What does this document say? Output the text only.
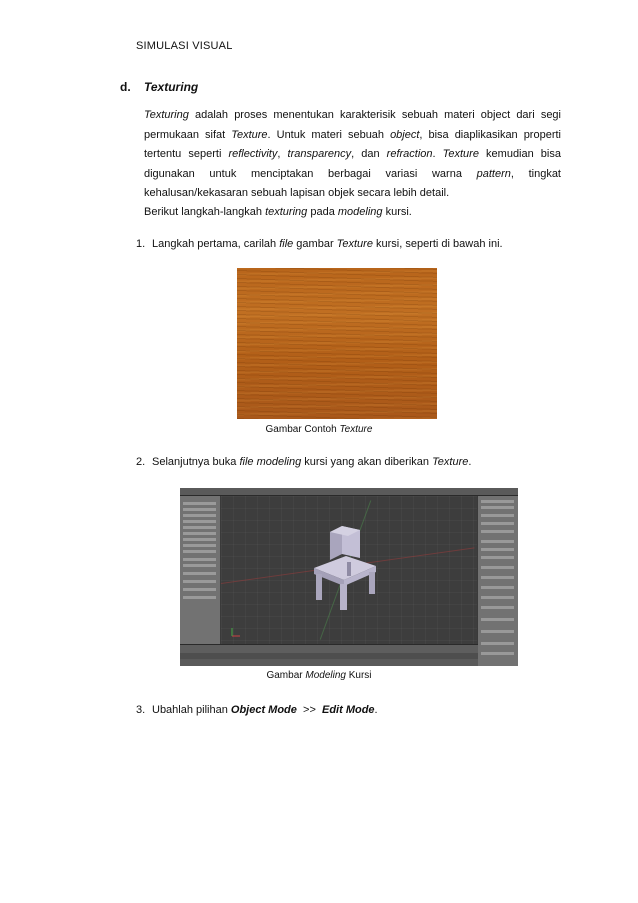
SIMULASI VISUAL
d. Texturing
Texturing adalah proses menentukan karakterisik sebuah materi object dari segi permukaan sifat Texture. Untuk materi sebuah object, bisa diaplikasikan properti tertentu seperti reflectivity, transparency, dan refraction. Texture kemudian bisa digunakan untuk menciptakan berbagai variasi warna pattern, tingkat kehalusan/kekasaran sebuah lapisan objek secara lebih detail.
Berikut langkah-langkah texturing pada modeling kursi.
1. Langkah pertama, carilah file gambar Texture kursi, seperti di bawah ini.
Gambar Contoh Texture
2. Selanjutnya buka file modeling kursi yang akan diberikan Texture.
Gambar Modeling Kursi
3. Ubahlah pilihan Object Mode  >>  Edit Mode.
